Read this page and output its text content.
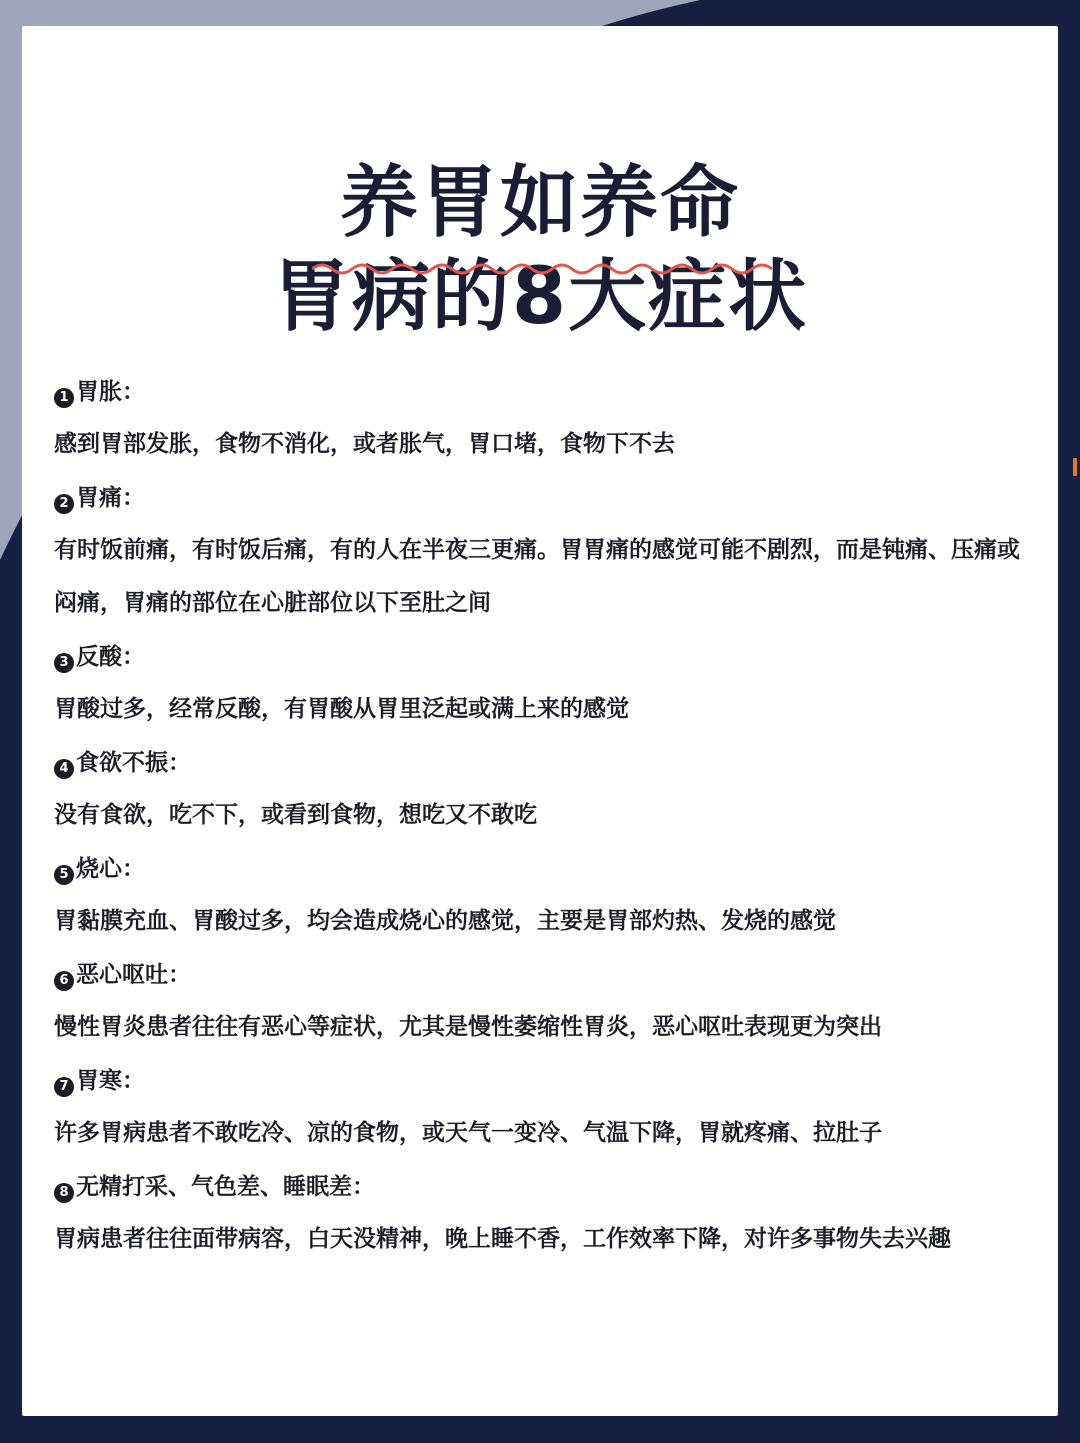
养胃如养命
胃病的8大症状
1 胃胀：
感到胃部发胀，食物不消化，或者胀气，胃口堵，食物下不去
2 胃痛：
有时饭前痛，有时饭后痛，有的人在半夜三更痛。胃胃痛的感觉可能不剧烈，而是钝痛、压痛或闷痛，胃痛的部位在心脏部位以下至肚之间
3 反酸：
胃酸过多，经常反酸，有胃酸从胃里泛起或满上来的感觉
4 食欲不振：
没有食欲，吃不下，或看到食物，想吃又不敢吃
5 烧心：
胃黏膜充血、胃酸过多，均会造成烧心的感觉，主要是胃部灼热、发烧的感觉
6 恶心呕吐：
慢性胃炎患者往往有恶心等症状，尤其是慢性萎缩性胃炎，恶心呕吐表现更为突出
7 胃寒：
许多胃病患者不敢吃冷、凉的食物，或天气一变冷、气温下降，胃就疼痛、拉肚子
8 无精打采、气色差、睡眠差：
胃病患者往往面带病容，白天没精神，晚上睡不香，工作效率下降，对许多事物失去兴趣
